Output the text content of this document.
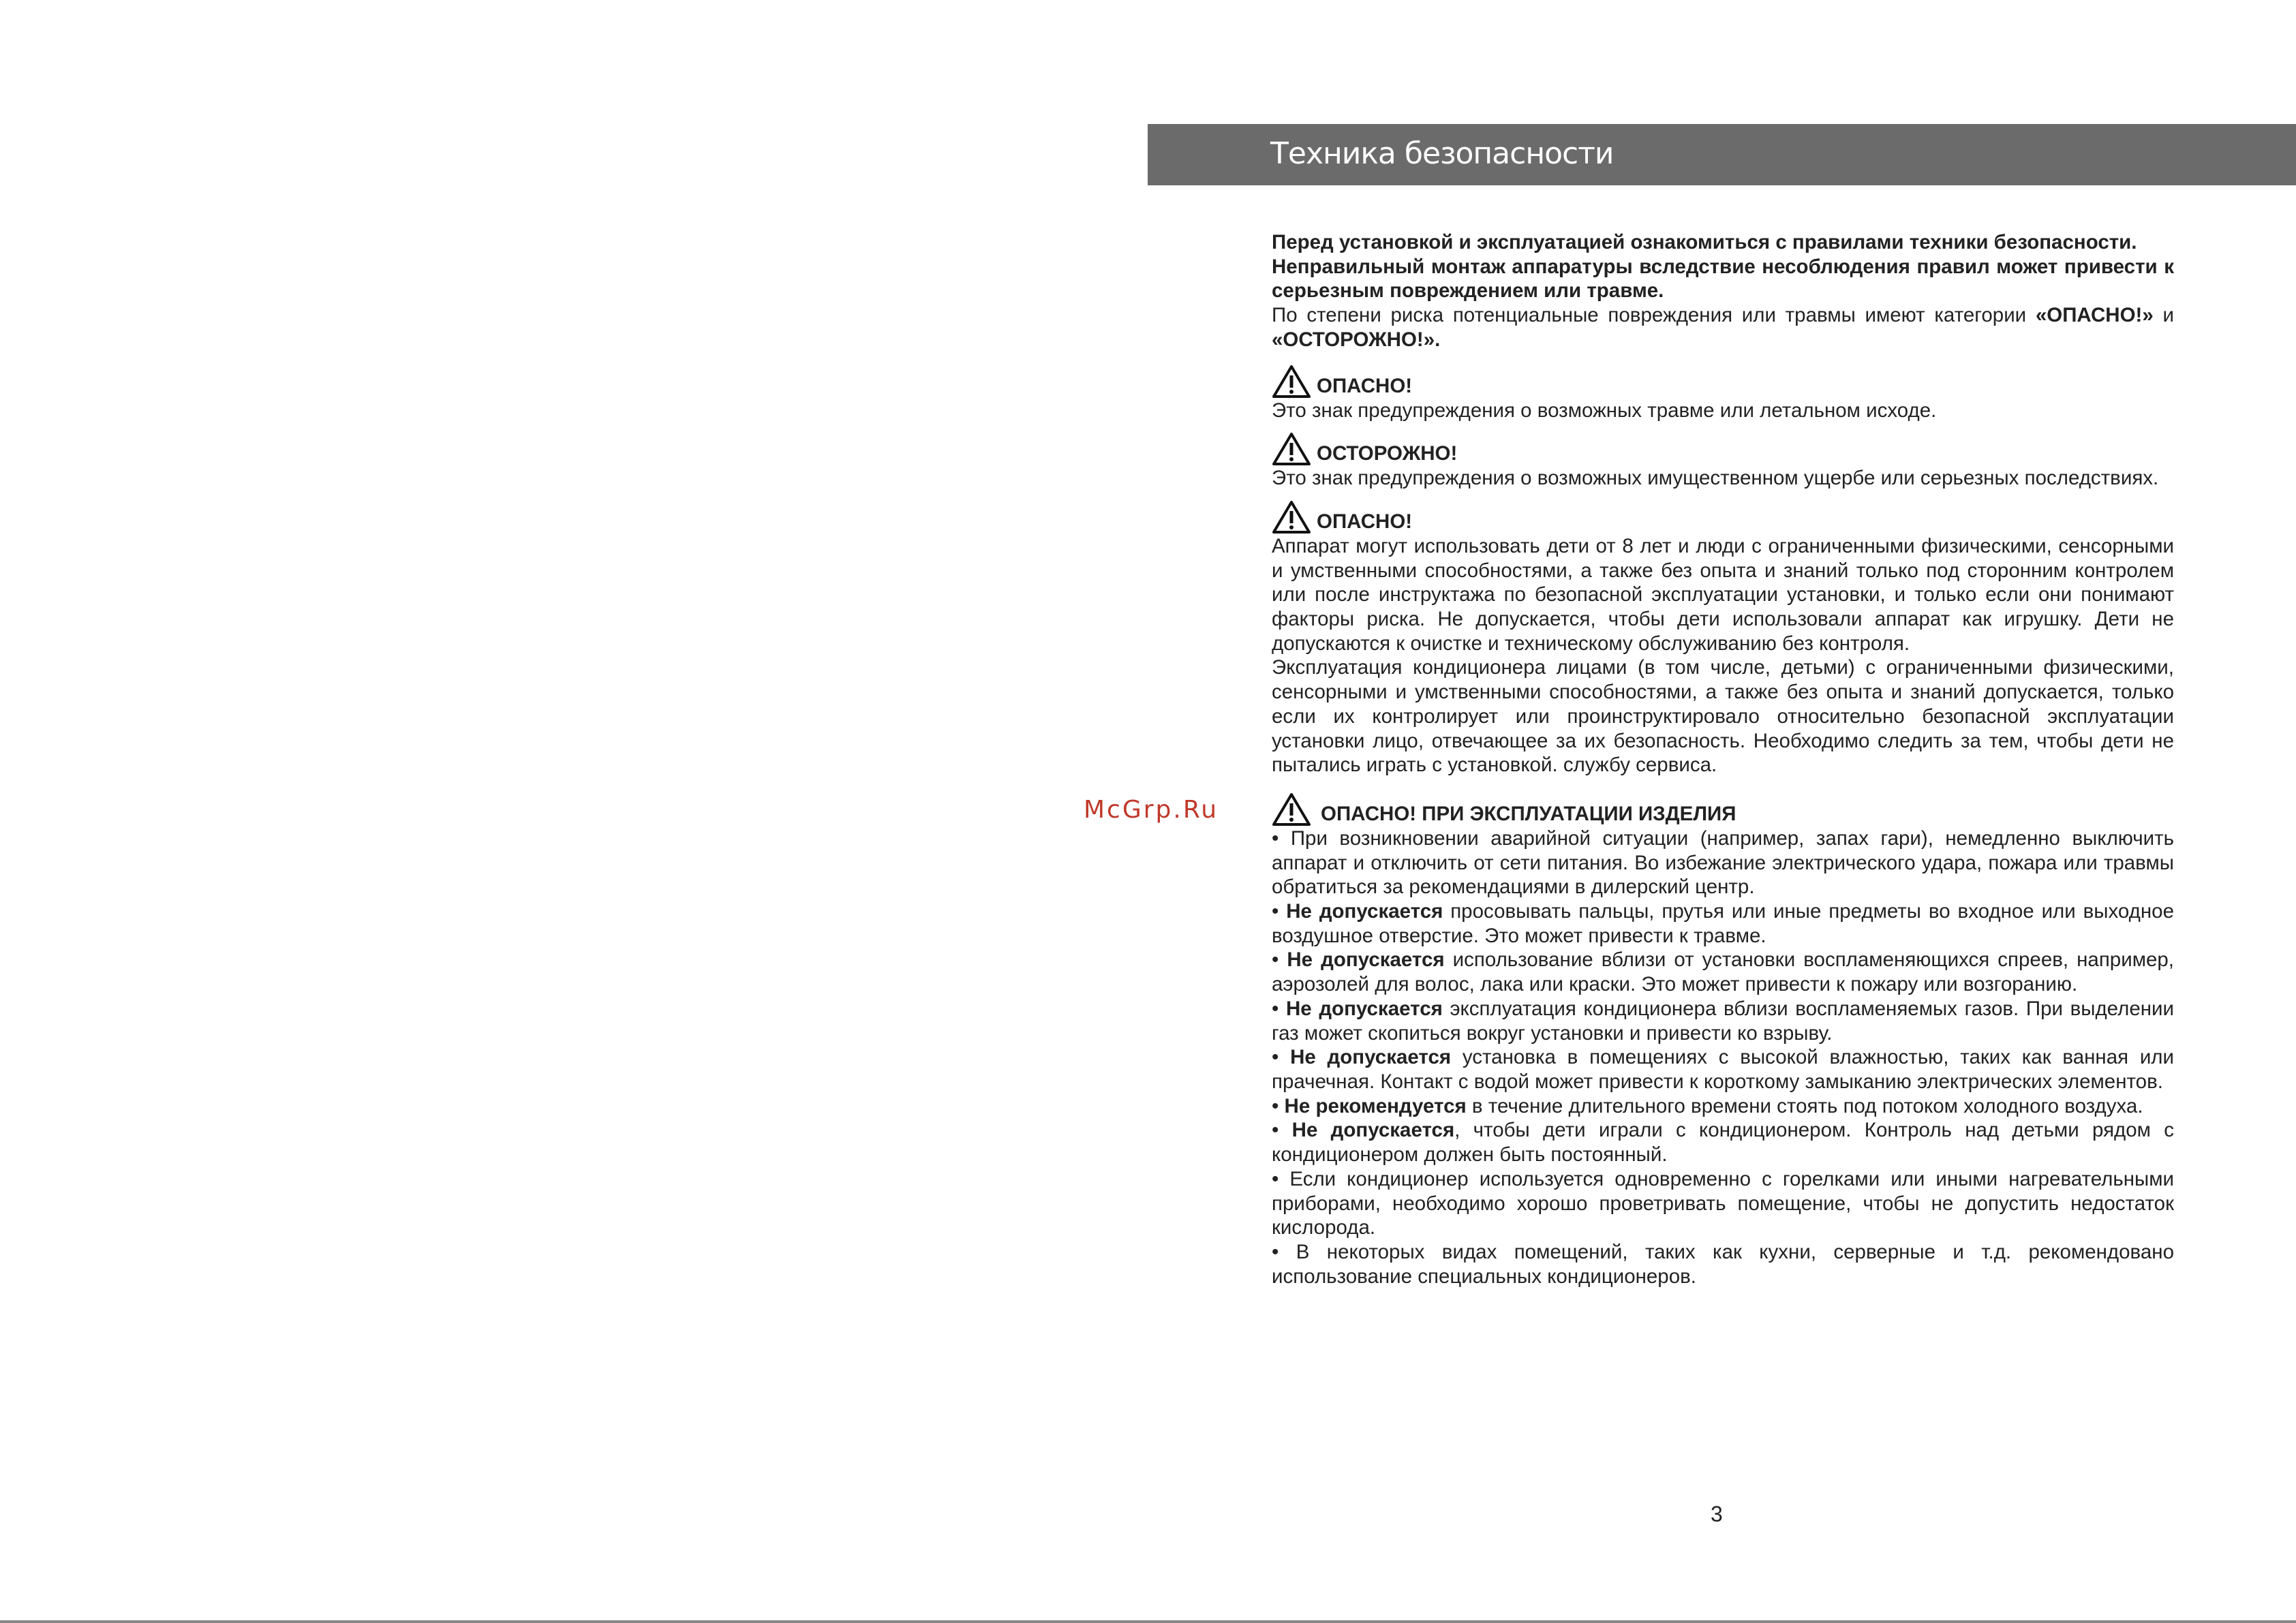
Техника безопасности
McGrp.Ru

Перед установкой и эксплуатацией ознакомиться с правилами техники безопасности.

Неправильный монтаж аппаратуры вследствие несоблюдения правил может привести к серьезным повреждением или травме.

По степени риска потенциальные повреждения или травмы имеют категории «ОПАСНО!» и «ОСТОРОЖНО!».

ОПАСНО!

Это знак предупреждения о возможных травме или летальном исходе.

ОСТОРОЖНО!

Это знак предупреждения о возможных имущественном ущербе или серьезных последствиях.

ОПАСНО!

Аппарат могут использовать дети от 8 лет и люди с ограниченными физическими, сенсорными и умственными способностями, а также без опыта и знаний только под сторонним контролем или после инструктажа по безопасной эксплуатации установки, и только если они понимают факторы риска. Не допускается, чтобы дети использовали аппарат как игрушку. Дети не допускаются к очистке и техническому обслуживанию без контроля.

Эксплуатация кондиционера лицами (в том числе, детьми) с ограниченными физическими, сенсорными и умственными способностями, а также без опыта и знаний допускается, только если их контролирует или проинструктировало относительно безопасной эксплуатации установки лицо, отвечающее за их безопасность. Необходимо следить за тем, чтобы дети не пытались играть с установкой. службу сервиса.

ОПАСНО! ПРИ ЭКСПЛУАТАЦИИ ИЗДЕЛИЯ

• При возникновении аварийной ситуации (например, запах гари), немедленно выключить аппарат и отключить от сети питания. Во избежание электрического удара, пожара или травмы обратиться за рекомендациями в дилерский центр.

• Не допускается просовывать пальцы, прутья или иные предметы во входное или выходное воздушное отверстие. Это может привести к травме.

• Не допускается использование вблизи от установки воспламеняющихся спреев, например, аэрозолей для волос, лака или краски. Это может привести к пожару или возгоранию.

• Не допускается эксплуатация кондиционера вблизи воспламеняемых газов. При выделении газ может скопиться вокруг установки и привести ко взрыву.

• Не допускается установка в помещениях с высокой влажностью, таких как ванная или прачечная. Контакт с водой может привести к короткому замыканию электрических элементов.

• Не рекомендуется в течение длительного времени стоять под потоком холодного воздуха.

• Не допускается, чтобы дети играли с кондиционером. Контроль над детьми рядом с кондиционером должен быть постоянный.

• Если кондиционер используется одновременно с горелками или иными нагревательными приборами, необходимо хорошо проветривать помещение, чтобы не допустить недостаток кислорода.

• В некоторых видах помещений, таких как кухни, серверные и т.д. рекомендовано использование специальных кондиционеров.

3
